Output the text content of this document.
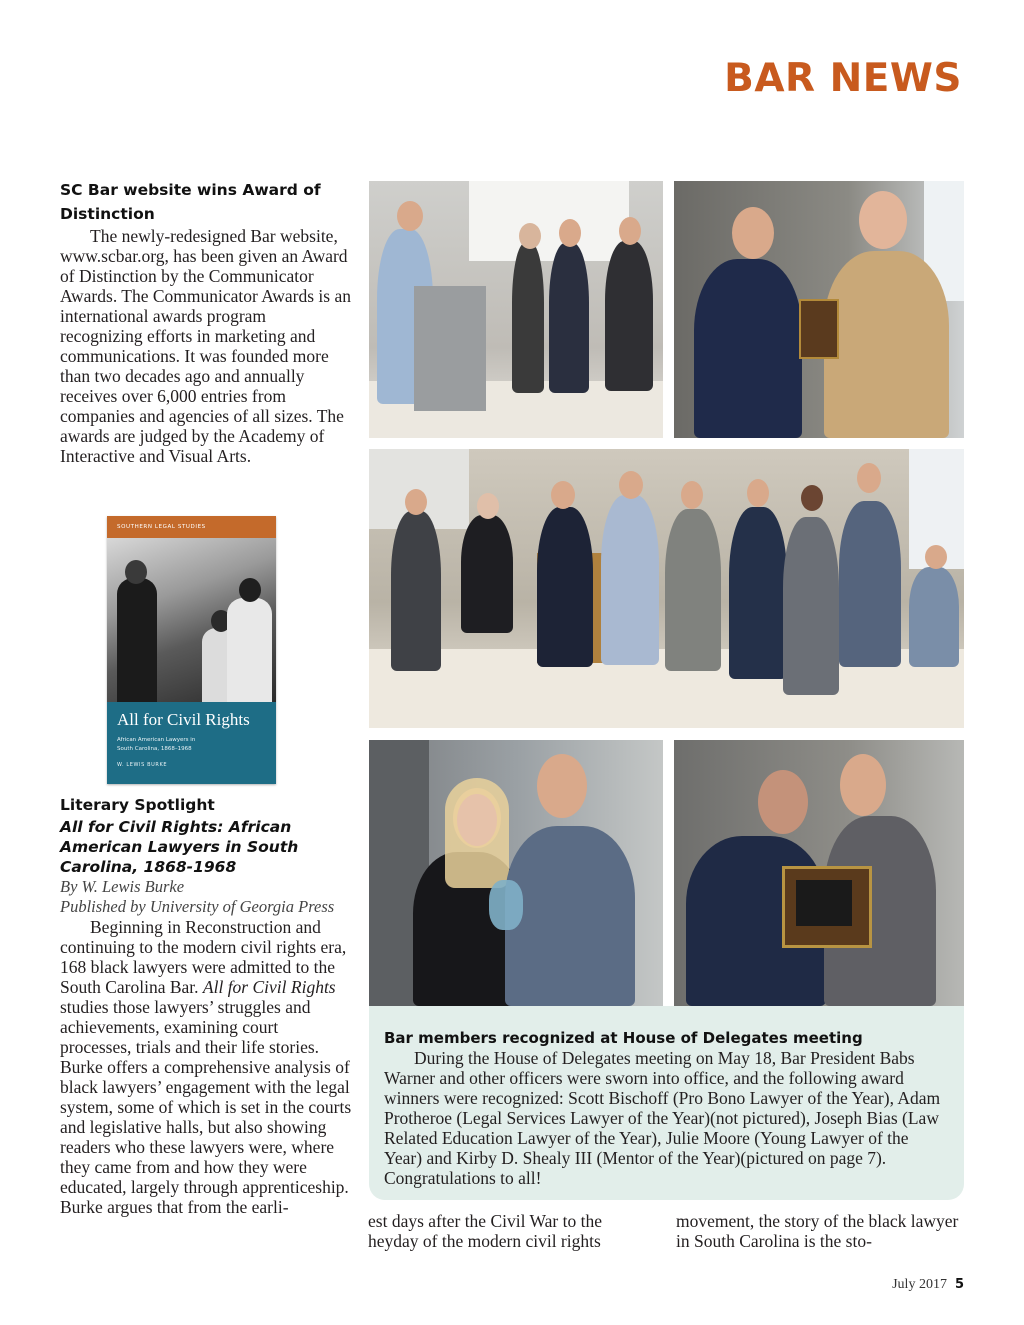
BAR NEWS
SC Bar website wins Award of Distinction
The newly-redesigned Bar website, www.scbar.org, has been given an Award of Distinction by the Communicator Awards. The Communicator Awards is an international awards program recognizing efforts in marketing and communications. It was founded more than two decades ago and annually receives over 6,000 entries from companies and agencies of all sizes. The awards are judged by the Academy of Interactive and Visual Arts.
SOUTHERN LEGAL STUDIES
All for Civil Rights
African American Lawyers in
South Carolina, 1868–1968
W. LEWIS BURKE
Literary Spotlight
All for Civil Rights: African American Lawyers in South Carolina, 1868-1968
By W. Lewis Burke
Published by University of Georgia Press
Beginning in Reconstruction and continuing to the modern civil rights era, 168 black lawyers were admitted to the South Carolina Bar. All for Civil Rights studies those lawyers’ struggles and achievements, examining court processes, trials and their life stories. Burke offers a comprehensive analysis of black lawyers’ engagement with the legal system, some of which is set in the courts and legislative halls, but also showing readers who these lawyers were, where they came from and how they were educated, largely through apprenticeship. Burke argues that from the earli-
est days after the Civil War to the heyday of the modern civil rights
movement, the story of the black lawyer in South Carolina is the sto-
Bar members recognized at House of Delegates meeting
During the House of Delegates meeting on May 18, Bar President Babs Warner and other officers were sworn into office, and the following award winners were recognized: Scott Bischoff (Pro Bono Lawyer of the Year), Adam Protheroe (Legal Services Lawyer of the Year)(not pictured), Joseph Bias (Law Related Education Lawyer of the Year), Julie Moore (Young Lawyer of the Year) and Kirby D. Shealy III (Mentor of the Year)(pictured on page 7). Congratulations to all!
July 2017 5
